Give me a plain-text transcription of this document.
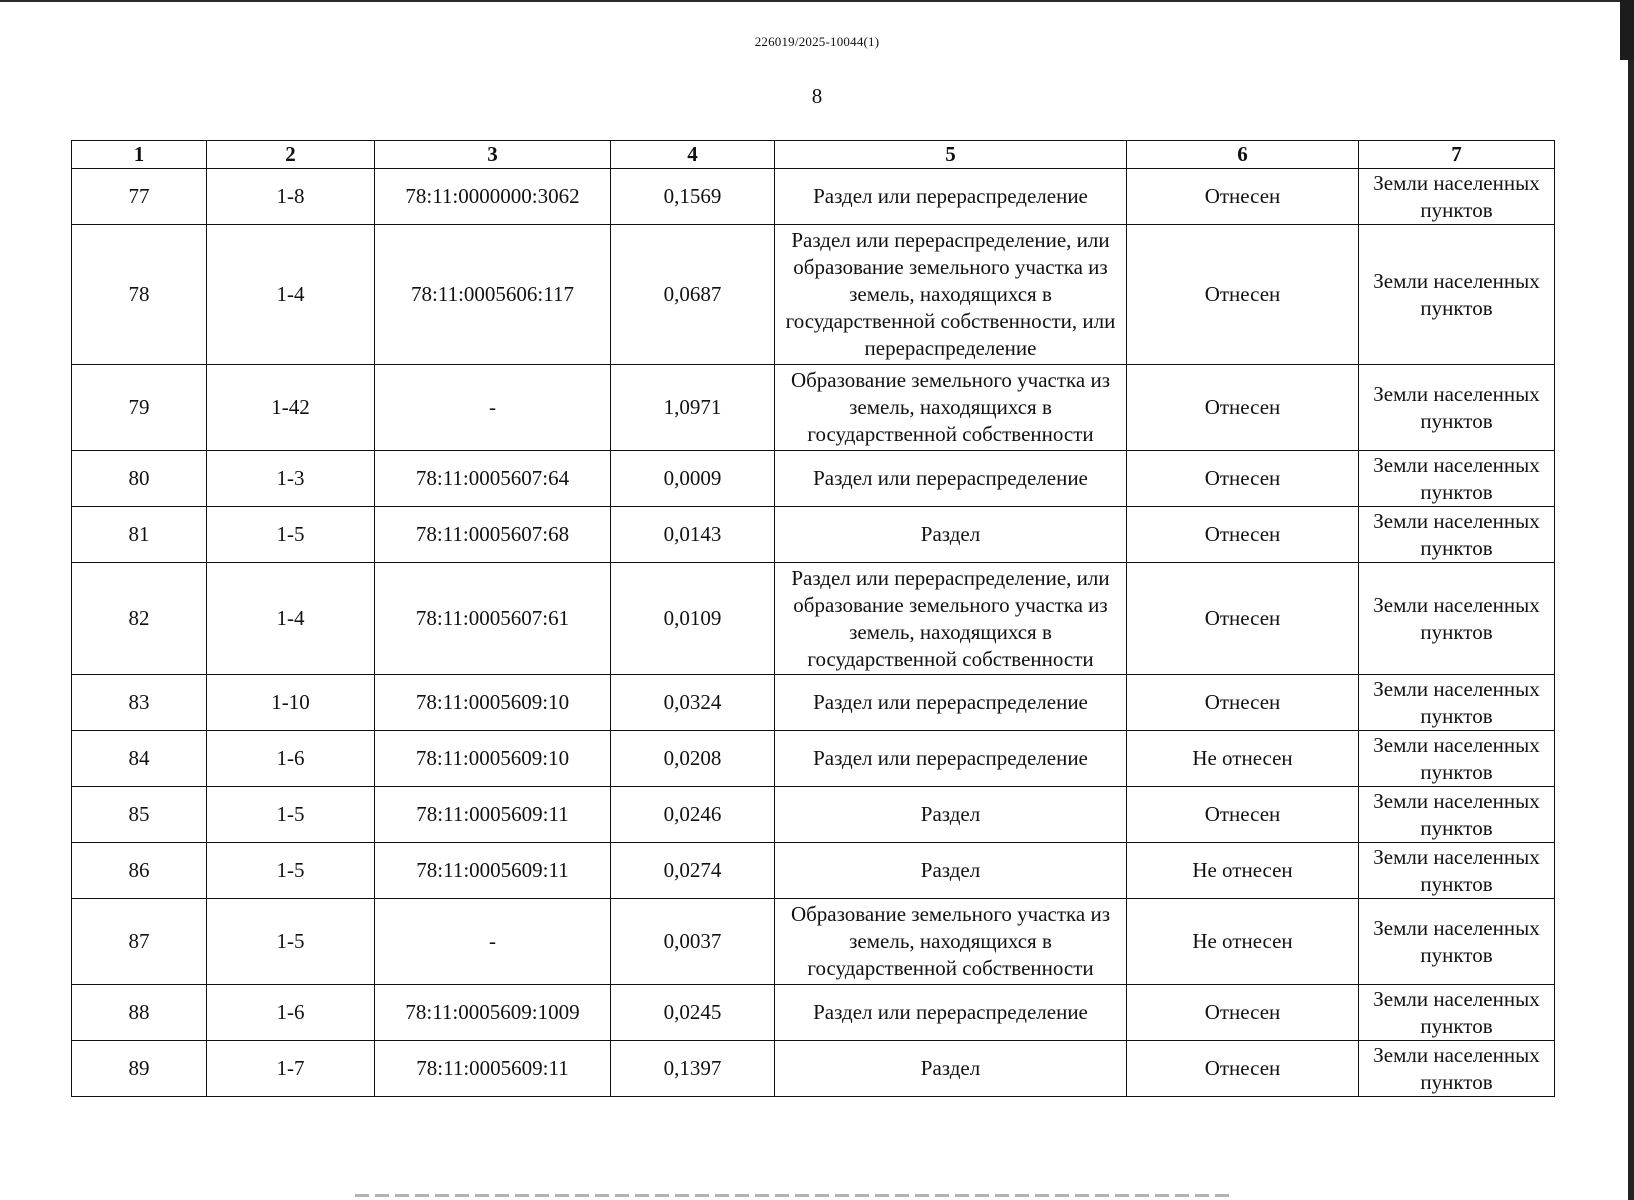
226019/2025-10044(1)
8
1	2	3	4	5	6	7
77	1-8	78:11:0000000:3062	0,1569	Раздел или перераспределение	Отнесен	Земли населенных пунктов
78	1-4	78:11:0005606:117	0,0687	Раздел или перераспределение, или образование земельного участка из земель, находящихся в государственной собственности, или перераспределение	Отнесен	Земли населенных пунктов
79	1-42	-	1,0971	Образование земельного участка из земель, находящихся в государственной собственности	Отнесен	Земли населенных пунктов
80	1-3	78:11:0005607:64	0,0009	Раздел или перераспределение	Отнесен	Земли населенных пунктов
81	1-5	78:11:0005607:68	0,0143	Раздел	Отнесен	Земли населенных пунктов
82	1-4	78:11:0005607:61	0,0109	Раздел или перераспределение, или образование земельного участка из земель, находящихся в государственной собственности	Отнесен	Земли населенных пунктов
83	1-10	78:11:0005609:10	0,0324	Раздел или перераспределение	Отнесен	Земли населенных пунктов
84	1-6	78:11:0005609:10	0,0208	Раздел или перераспределение	Не отнесен	Земли населенных пунктов
85	1-5	78:11:0005609:11	0,0246	Раздел	Отнесен	Земли населенных пунктов
86	1-5	78:11:0005609:11	0,0274	Раздел	Не отнесен	Земли населенных пунктов
87	1-5	-	0,0037	Образование земельного участка из земель, находящихся в государственной собственности	Не отнесен	Земли населенных пунктов
88	1-6	78:11:0005609:1009	0,0245	Раздел или перераспределение	Отнесен	Земли населенных пунктов
89	1-7	78:11:0005609:11	0,1397	Раздел	Отнесен	Земли населенных пунктов
